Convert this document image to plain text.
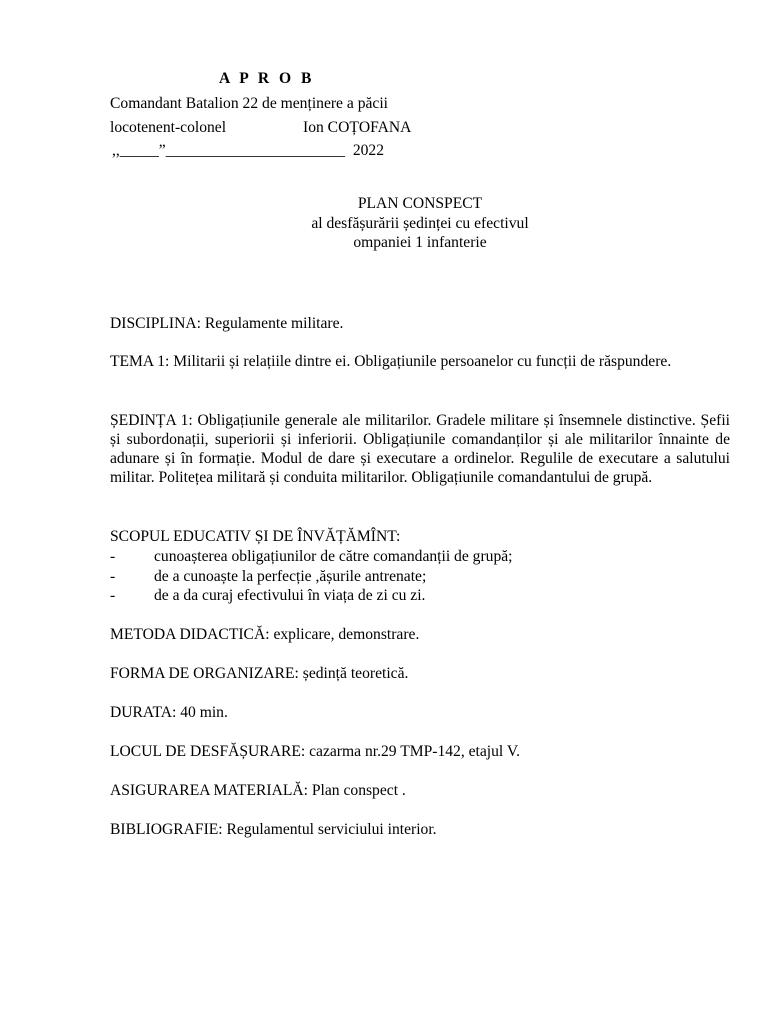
A P R O B
Comandant Batalion 22 de menținere a păcii
locotenent-colonel	Ion COȚOFANA
,,_____”_______________________  2022
PLAN CONSPECT
al desfășurării ședinței cu efectivul
ompaniei 1 infanterie
DISCIPLINA: Regulamente militare.
TEMA 1: Militarii și relațiile dintre ei. Obligațiunile persoanelor cu funcții de răspundere.
ȘEDINȚA 1: Obligațiunile generale ale militarilor. Gradele militare și însemnele distinctive. Șefii și subordonații, superiorii și inferiorii. Obligațiunile comandanților și ale militarilor înnainte de adunare și în formație. Modul de dare și executare a ordinelor. Regulile de executare a salutului militar. Politețea militară și conduita militarilor. Obligațiunile comandantului de grupă.
SCOPUL EDUCATIV ȘI DE ÎNVĂȚĂMÎNT:
- cunoașterea obligațiunilor de către comandanții de grupă;
- de a cunoaște la perfecție ,ășurile antrenate;
- de a da curaj efectivului în viața de zi cu zi.
METODA DIDACTICĂ: explicare, demonstrare.
FORMA DE ORGANIZARE: ședință teoretică.
DURATA: 40 min.
LOCUL DE DESFĂȘURARE: cazarma nr.29 TMP-142, etajul V.
ASIGURAREA MATERIALĂ: Plan conspect .
BIBLIOGRAFIE: Regulamentul serviciului interior.
